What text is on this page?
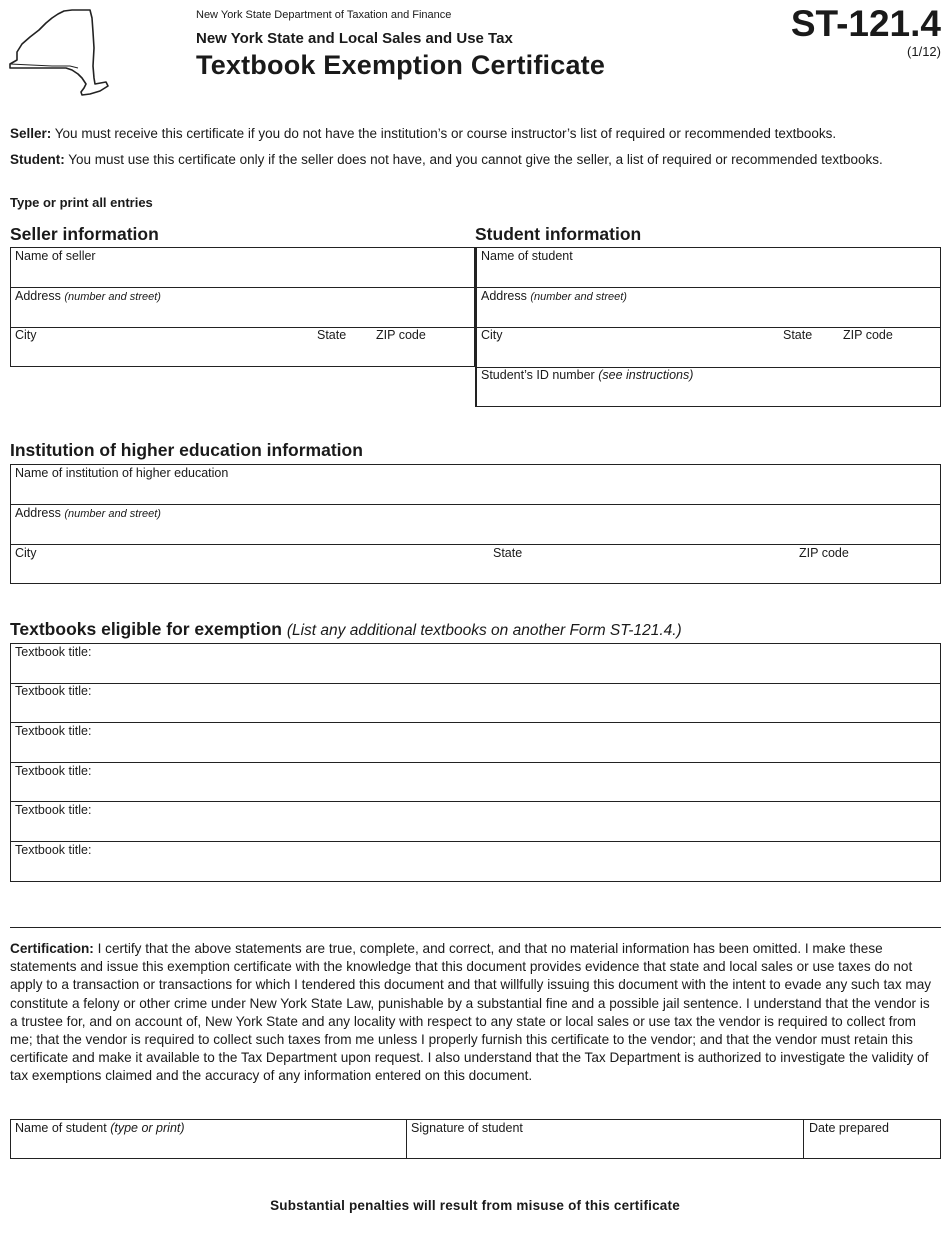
New York State Department of Taxation and Finance
New York State and Local Sales and Use Tax
Textbook Exemption Certificate
ST-121.4
(1/12)
Seller: You must receive this certificate if you do not have the institution’s or course instructor’s list of required or recommended textbooks.
Student: You must use this certificate only if the seller does not have, and you cannot give the seller, a list of required or recommended textbooks.
Type or print all entries
Seller information
Name of seller
Address (number and street)
City	State ZIP code
Student information
Name of student
Address (number and street)
City	State ZIP code
Student’s ID number (see instructions)
Institution of higher education information
Name of institution of higher education
Address (number and street)
City	State	ZIP code
Textbooks eligible for exemption (List any additional textbooks on another Form ST-121.4.)
Textbook title:
Textbook title:
Textbook title:
Textbook title:
Textbook title:
Textbook title:
Certification: I certify that the above statements are true, complete, and correct, and that no material information has been omitted. I make these statements and issue this exemption certificate with the knowledge that this document provides evidence that state and local sales or use taxes do not apply to a transaction or transactions for which I tendered this document and that willfully issuing this document with the intent to evade any such tax may constitute a felony or other crime under New York State Law, punishable by a substantial fine and a possible jail sentence. I understand that the vendor is a trustee for, and on account of, New York State and any locality with respect to any state or local sales or use tax the vendor is required to collect from me; that the vendor is required to collect such taxes from me unless I properly furnish this certificate to the vendor; and that the vendor must retain this certificate and make it available to the Tax Department upon request. I also understand that the Tax Department is authorized to investigate the validity of tax exemptions claimed and the accuracy of any information entered on this document.
Name of student (type or print)	Signature of student	Date prepared
Substantial penalties will result from misuse of this certificate
